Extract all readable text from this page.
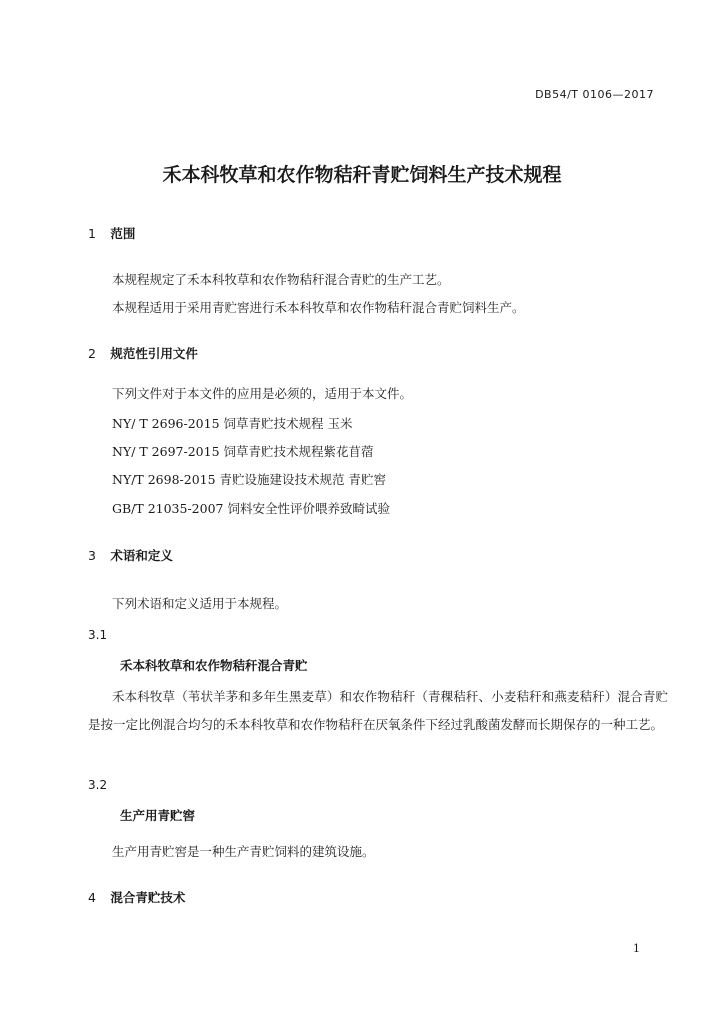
DB54/T 0106—2017
禾本科牧草和农作物秸秆青贮饲料生产技术规程
1 范围
本规程规定了禾本科牧草和农作物秸秆混合青贮的生产工艺。
本规程适用于采用青贮窖进行禾本科牧草和农作物秸秆混合青贮饲料生产。
2 规范性引用文件
下列文件对于本文件的应用是必须的，适用于本文件。
NY/ T 2696-2015 饲草青贮技术规程 玉米
NY/ T 2697-2015 饲草青贮技术规程紫花苜蓿
NY/T 2698-2015 青贮设施建设技术规范 青贮窖
GB/T 21035-2007 饲料安全性评价喂养致畸试验
3 术语和定义
下列术语和定义适用于本规程。
3.1
禾本科牧草和农作物秸秆混合青贮
禾本科牧草（苇状羊茅和多年生黑麦草）和农作物秸秆（青稞秸秆、小麦秸秆和燕麦秸秆）混合青贮是按一定比例混合均匀的禾本科牧草和农作物秸秆在厌氧条件下经过乳酸菌发酵而长期保存的一种工艺。
3.2
生产用青贮窖
生产用青贮窖是一种生产青贮饲料的建筑设施。
4 混合青贮技术
1
